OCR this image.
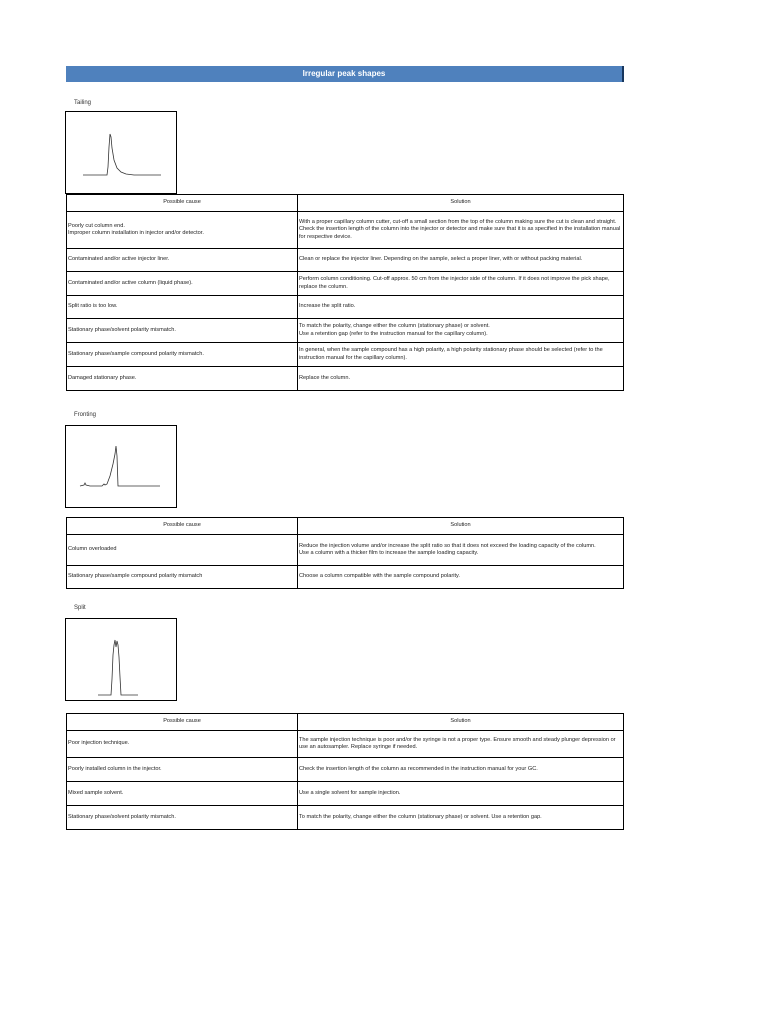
Irregular peak shapes
Tailing
Possible cause	Solution

Poorly cut column end.
Improper column installation in injector and/or detector.	With a proper capillary column cutter, cut-off a small section from the top of the column making sure the cut is clean and straight.
Check the insertion length of the column into the injector or detector and make sure that it is as specified in the installation manual for respective device.

Contaminated and/or active injector liner.	Clean or replace the injector liner. Depending on the sample, select a proper liner, with or without packing material.

Contaminated and/or active column (liquid phase).	Perform column conditioning. Cut-off approx. 50 cm from the injector side of the column. If it does not improve the pick shape, replace the column.

Split ratio is too low.	Increase the split ratio.

Stationary phase/solvent polarity mismatch.	To match the polarity, change either the column (stationary phase) or solvent.
Use a retention gap (refer to the instruction manual for the capillary column).

Stationary phase/sample compound polarity mismatch.	In general, when the sample compound has a high polarity, a high polarity stationary phase should be selected (refer to the instruction manual for the capillary column).

Damaged stationary phase.	Replace the column.
Fronting
Possible cause	Solution

Column overloaded	Reduce the injection volume and/or increase the split ratio so that it does not exceed the loading capacity of the column.
Use a column with a thicker film to increase the sample loading capacity.

Stationary phase/sample compound polarity mismatch	Choose a column compatible with the sample compound polarity.
Split
Possible cause	Solution

Poor injection technique.	The sample injection technique is poor and/or the syringe is not a proper type. Ensure smooth and steady plunger depression or use an autosampler. Replace syringe if needed.

Poorly installed column in the injector.	Check the insertion length of the column as recommended in the instruction manual for your GC.

Mixed sample solvent.	Use a single solvent for sample injection.

Stationary phase/solvent polarity mismatch.	To match the polarity, change either the column (stationary phase) or solvent. Use a retention gap.
